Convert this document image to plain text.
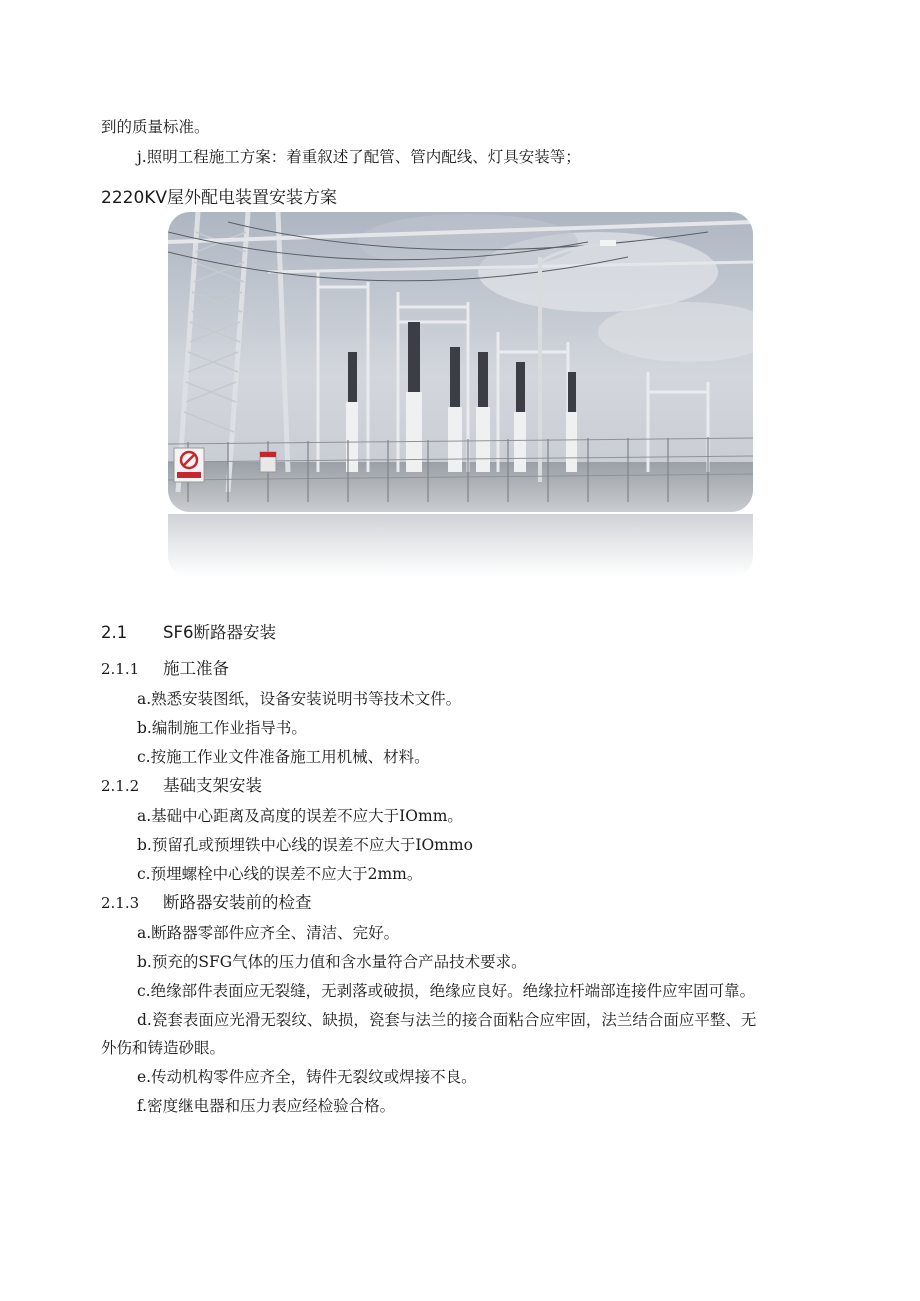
到的质量标准。
j.照明工程施工方案：着重叙述了配管、管内配线、灯具安装等；
2220KV屋外配电装置安装方案
2.1 SF6断路器安装
2.1.1 施工准备
a.熟悉安装图纸，设备安装说明书等技术文件。
b.编制施工作业指导书。
c.按施工作业文件准备施工用机械、材料。
2.1.2 基础支架安装
a.基础中心距离及高度的误差不应大于IOmm。
b.预留孔或预埋铁中心线的误差不应大于IOmmo
c.预埋螺栓中心线的误差不应大于2mm。
2.1.3 断路器安装前的检查
a.断路器零部件应齐全、清洁、完好。
b.预充的SFG气体的压力值和含水量符合产品技术要求。
c.绝缘部件表面应无裂缝，无剥落或破损，绝缘应良好。绝缘拉杆端部连接件应牢固可靠。
d.瓷套表面应光滑无裂纹、缺损，瓷套与法兰的接合面粘合应牢固，法兰结合面应平整、无
外伤和铸造砂眼。
e.传动机构零件应齐全，铸件无裂纹或焊接不良。
f.密度继电器和压力表应经检验合格。
